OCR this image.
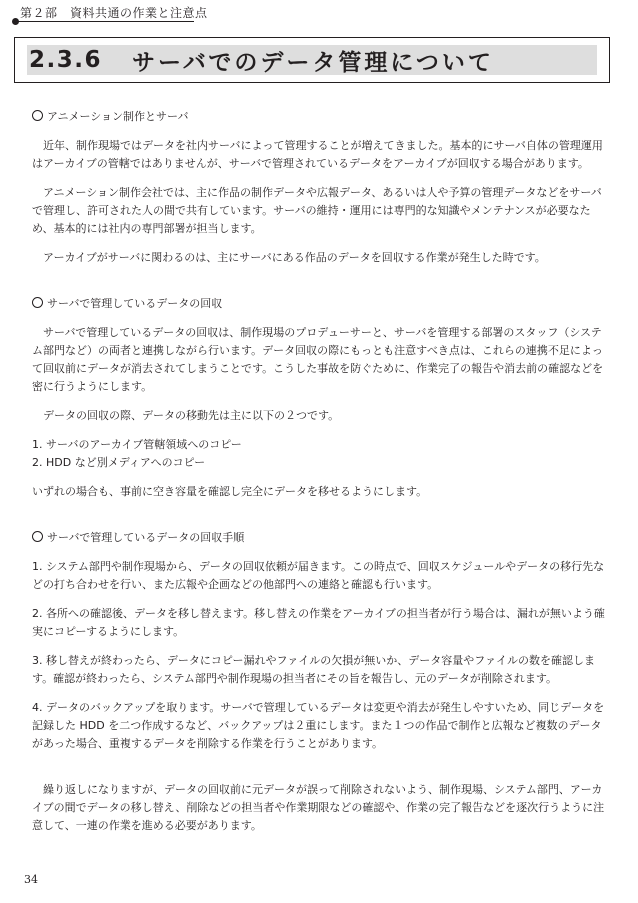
第２部　資料共通の作業と注意点
2.3.6 サーバでのデータ管理について

アニメーション制作とサーバ

近年、制作現場ではデータを社内サーバによって管理することが増えてきました。基本的にサーバ自体の管理運用はアーカイブの管轄ではありませんが、サーバで管理されているデータをアーカイブが回収する場合があります。

アニメーション制作会社では、主に作品の制作データや広報データ、あるいは人や予算の管理データなどをサーバで管理し、許可された人の間で共有しています。サーバの維持・運用には専門的な知識やメンテナンスが必要なため、基本的には社内の専門部署が担当します。

アーカイブがサーバに関わるのは、主にサーバにある作品のデータを回収する作業が発生した時です。

サーバで管理しているデータの回収

サーバで管理しているデータの回収は、制作現場のプロデューサーと、サーバを管理する部署のスタッフ（システム部門など）の両者と連携しながら行います。データ回収の際にもっとも注意すべき点は、これらの連携不足によって回収前にデータが消去されてしまうことです。こうした事故を防ぐために、作業完了の報告や消去前の確認などを密に行うようにします。

データの回収の際、データの移動先は主に以下の２つです。

1. サーバのアーカイブ管轄領域へのコピー

2. HDD など別メディアへのコピー

いずれの場合も、事前に空き容量を確認し完全にデータを移せるようにします。

サーバで管理しているデータの回収手順

1. システム部門や制作現場から、データの回収依頼が届きます。この時点で、回収スケジュールやデータの移行先などの打ち合わせを行い、また広報や企画などの他部門への連絡と確認も行います。

2. 各所への確認後、データを移し替えます。移し替えの作業をアーカイブの担当者が行う場合は、漏れが無いよう確実にコピーするようにします。

3. 移し替えが終わったら、データにコピー漏れやファイルの欠損が無いか、データ容量やファイルの数を確認します。確認が終わったら、システム部門や制作現場の担当者にその旨を報告し、元のデータが削除されます。

4. データのバックアップを取ります。サーバで管理しているデータは変更や消去が発生しやすいため、同じデータを記録した HDD を二つ作成するなど、バックアップは２重にします。また１つの作品で制作と広報など複数のデータがあった場合、重複するデータを削除する作業を行うことがあります。

繰り返しになりますが、データの回収前に元データが誤って削除されないよう、制作現場、システム部門、アーカイブの間でデータの移し替え、削除などの担当者や作業期限などの確認や、作業の完了報告などを逐次行うように注意して、一連の作業を進める必要があります。

34
